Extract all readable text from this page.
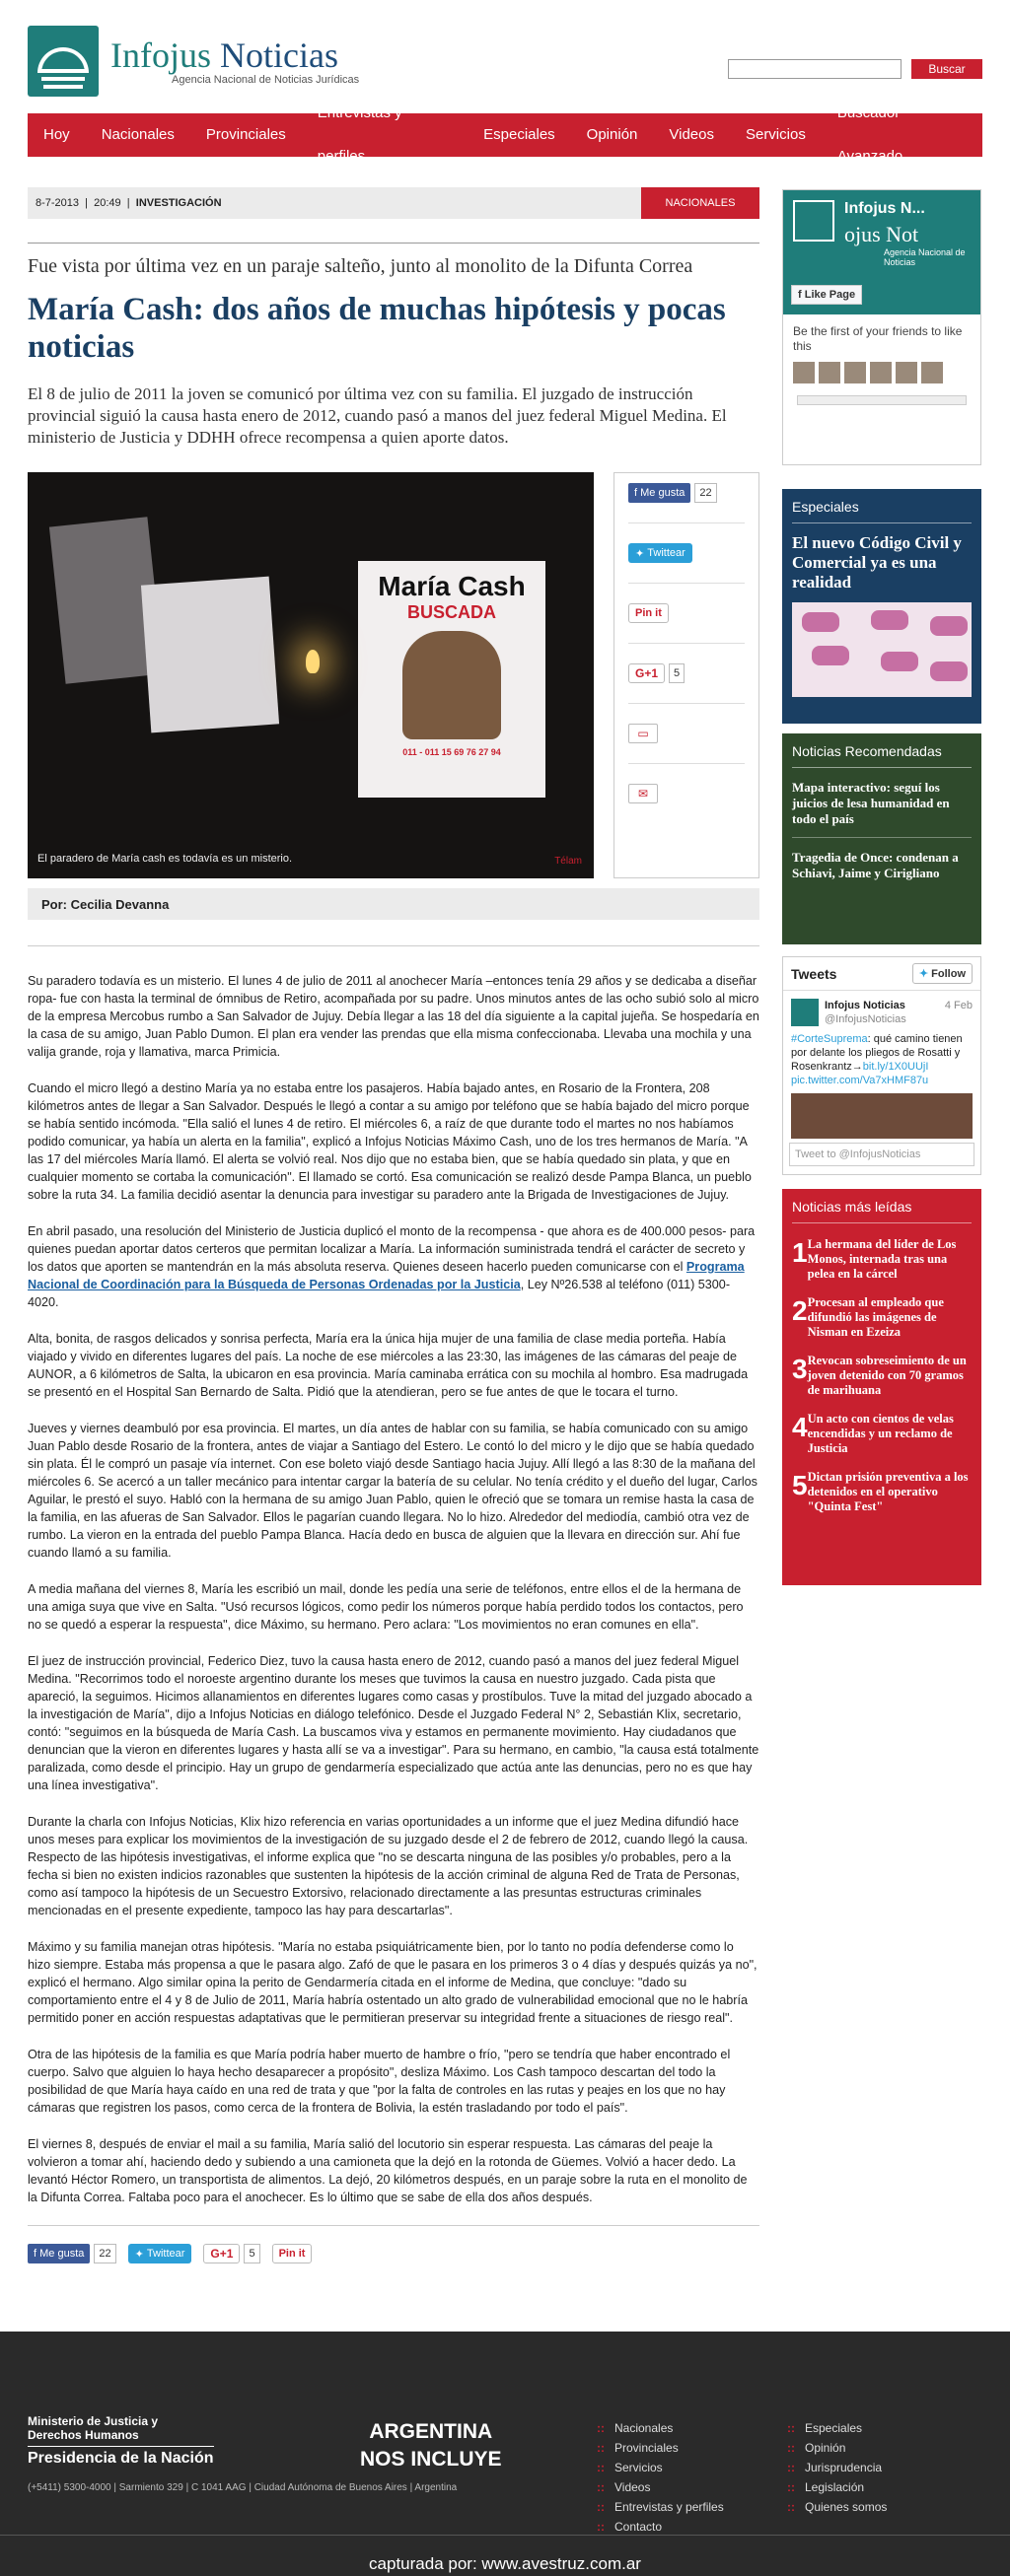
Infojus Noticias
Agencia Nacional de Noticias Jurídicas
Buscar
Hoy	Nacionales	Provinciales
Entrevistas y perfiles
Especiales	Opinión	Videos	Servicios
Buscador Avanzado
8-7-2013 | 20:49 | INVESTIGACIÓN	NACIONALES
Fue vista por última vez en un paraje salteño, junto al monolito de la Difunta Correa
María Cash: dos años de muchas hipótesis y pocas noticias

El 8 de julio de 2011 la joven se comunicó por última vez con su familia. El juzgado de instrucción provincial siguió la causa hasta enero de 2012, cuando pasó a manos del juez federal Miguel Medina. El ministerio de Justicia y DDHH ofrece recompensa a quien aporte datos.

María Cash
BUSCADA
011 - 011 15 69 76 27 94
El paradero de María cash es todavía es un misterio.	Télam
f Me gusta	22
✦ Twittear
Pin it
G+1	5
▭
✉
Por: Cecilia Devanna

Su paradero todavía es un misterio. El lunes 4 de julio de 2011 al anochecer María –entonces tenía 29 años y se dedicaba a diseñar ropa- fue con hasta la terminal de ómnibus de Retiro, acompañada por su padre. Unos minutos antes de las ocho subió solo al micro de la empresa Mercobus rumbo a San Salvador de Jujuy. Debía llegar a las 18 del día siguiente a la capital jujeña. Se hospedaría en la casa de su amigo, Juan Pablo Dumon. El plan era vender las prendas que ella misma confeccionaba. Llevaba una mochila y una valija grande, roja y llamativa, marca Primicia.

Cuando el micro llegó a destino María ya no estaba entre los pasajeros. Había bajado antes, en Rosario de la Frontera, 208 kilómetros antes de llegar a San Salvador. Después le llegó a contar a su amigo por teléfono que se había bajado del micro porque se había sentido incómoda. "Ella salió el lunes 4 de retiro. El miércoles 6, a raíz de que durante todo el martes no nos habíamos podido comunicar, ya había un alerta en la familia", explicó a Infojus Noticias Máximo Cash, uno de los tres hermanos de María. "A las 17 del miércoles María llamó. El alerta se volvió real. Nos dijo que no estaba bien, que se había quedado sin plata, y que en cualquier momento se cortaba la comunicación". El llamado se cortó. Esa comunicación se realizó desde Pampa Blanca, un pueblo sobre la ruta 34. La familia decidió asentar la denuncia para investigar su paradero ante la Brigada de Investigaciones de Jujuy.

En abril pasado, una resolución del Ministerio de Justicia duplicó el monto de la recompensa - que ahora es de 400.000 pesos- para quienes puedan aportar datos certeros que permitan localizar a María. La información suministrada tendrá el carácter de secreto y los datos que aporten se mantendrán en la más absoluta reserva. Quienes deseen hacerlo pueden comunicarse con el Programa Nacional de Coordinación para la Búsqueda de Personas Ordenadas por la Justicia, Ley Nº26.538 al teléfono (011) 5300-4020.

Alta, bonita, de rasgos delicados y sonrisa perfecta, María era la única hija mujer de una familia de clase media porteña. Había viajado y vivido en diferentes lugares del país. La noche de ese miércoles a las 23:30, las imágenes de las cámaras del peaje de AUNOR, a 6 kilómetros de Salta, la ubicaron en esa provincia. María caminaba errática con su mochila al hombro. Esa madrugada se presentó en el Hospital San Bernardo de Salta. Pidió que la atendieran, pero se fue antes de que le tocara el turno.

Jueves y viernes deambuló por esa provincia. El martes, un día antes de hablar con su familia, se había comunicado con su amigo Juan Pablo desde Rosario de la frontera, antes de viajar a Santiago del Estero. Le contó lo del micro y le dijo que se había quedado sin plata. Él le compró un pasaje vía internet. Con ese boleto viajó desde Santiago hacia Jujuy. Allí llegó a las 8:30 de la mañana del miércoles 6. Se acercó a un taller mecánico para intentar cargar la batería de su celular. No tenía crédito y el dueño del lugar, Carlos Aguilar, le prestó el suyo. Habló con la hermana de su amigo Juan Pablo, quien le ofreció que se tomara un remise hasta la casa de la familia, en las afueras de San Salvador. Ellos le pagarían cuando llegara. No lo hizo. Alrededor del mediodía, cambió otra vez de rumbo. La vieron en la entrada del pueblo Pampa Blanca. Hacía dedo en busca de alguien que la llevara en dirección sur. Ahí fue cuando llamó a su familia.

A media mañana del viernes 8, María les escribió un mail, donde les pedía una serie de teléfonos, entre ellos el de la hermana de una amiga suya que vive en Salta. "Usó recursos lógicos, como pedir los números porque había perdido todos los contactos, pero no se quedó a esperar la respuesta", dice Máximo, su hermano. Pero aclara: "Los movimientos no eran comunes en ella".

El juez de instrucción provincial, Federico Diez, tuvo la causa hasta enero de 2012, cuando pasó a manos del juez federal Miguel Medina. "Recorrimos todo el noroeste argentino durante los meses que tuvimos la causa en nuestro juzgado. Cada pista que apareció, la seguimos. Hicimos allanamientos en diferentes lugares como casas y prostíbulos. Tuve la mitad del juzgado abocado a la investigación de María", dijo a Infojus Noticias en diálogo telefónico. Desde el Juzgado Federal N° 2, Sebastián Klix, secretario, contó: "seguimos en la búsqueda de María Cash. La buscamos viva y estamos en permanente movimiento. Hay ciudadanos que denuncian que la vieron en diferentes lugares y hasta allí se va a investigar". Para su hermano, en cambio, "la causa está totalmente paralizada, como desde el principio. Hay un grupo de gendarmería especializado que actúa ante las denuncias, pero no es que hay una línea investigativa".

Durante la charla con Infojus Noticias, Klix hizo referencia en varias oportunidades a un informe que el juez Medina difundió hace unos meses para explicar los movimientos de la investigación de su juzgado desde el 2 de febrero de 2012, cuando llegó la causa. Respecto de las hipótesis investigativas, el informe explica que "no se descarta ninguna de las posibles y/o probables, pero a la fecha si bien no existen indicios razonables que sustenten la hipótesis de la acción criminal de alguna Red de Trata de Personas, como así tampoco la hipótesis de un Secuestro Extorsivo, relacionado directamente a las presuntas estructuras criminales mencionadas en el presente expediente, tampoco las hay para descartarlas".

Máximo y su familia manejan otras hipótesis. "María no estaba psiquiátricamente bien, por lo tanto no podía defenderse como lo hizo siempre. Estaba más propensa a que le pasara algo. Zafó de que le pasara en los primeros 3 o 4 días y después quizás ya no", explicó el hermano. Algo similar opina la perito de Gendarmería citada en el informe de Medina, que concluye: "dado su comportamiento entre el 4 y 8 de Julio de 2011, María habría ostentado un alto grado de vulnerabilidad emocional que no le habría permitido poner en acción respuestas adaptativas que le permitieran preservar su integridad frente a situaciones de riesgo real".

Otra de las hipótesis de la familia es que María podría haber muerto de hambre o frío, "pero se tendría que haber encontrado el cuerpo. Salvo que alguien lo haya hecho desaparecer a propósito", desliza Máximo. Los Cash tampoco descartan del todo la posibilidad de que María haya caído en una red de trata y que "por la falta de controles en las rutas y peajes en los que no hay cámaras que registren los pasos, como cerca de la frontera de Bolivia, la estén trasladando por todo el país".

El viernes 8, después de enviar el mail a su familia, María salió del locutorio sin esperar respuesta. Las cámaras del peaje la volvieron a tomar ahí, haciendo dedo y subiendo a una camioneta que la dejó en la rotonda de Güemes. Volvió a hacer dedo. La levantó Héctor Romero, un transportista de alimentos. La dejó, 20 kilómetros después, en un paraje sobre la ruta en el monolito de la Difunta Correa. Faltaba poco para el anochecer. Es lo último que se sabe de ella dos años después.

f Me gusta	22	✦ Twittear	G+1	5	Pin it
Infojus N...
ojus Not
Agencia Nacional de Noticias
f Like Page
Be the first of your friends to like this
Especiales
El nuevo Código Civil y Comercial ya es una realidad
Noticias Recomendadas
Mapa interactivo: seguí los juicios de lesa humanidad en todo el país
Tragedia de Once: condenan a Schiavi, Jaime y Cirigliano
Tweets	✦ Follow
4 Feb
Infojus Noticias
@InfojusNoticias
#CorteSuprema: qué camino tienen por delante los pliegos de Rosatti y Rosenkrantz→bit.ly/1X0UUjI pic.twitter.com/Va7xHMF87u
Tweet to @InfojusNoticias
Noticias más leídas
1 La hermana del líder de Los Monos, internada tras una pelea en la cárcel
2 Procesan al empleado que difundió las imágenes de Nisman en Ezeiza
3 Revocan sobreseimiento de un joven detenido con 70 gramos de marihuana
4 Un acto con cientos de velas encendidas y un reclamo de Justicia
5 Dictan prisión preventiva a los detenidos en el operativo "Quinta Fest"
Ministerio de Justicia y Derechos Humanos
Presidencia de la Nación
(+5411) 5300-4000 | Sarmiento 329 | C 1041 AAG | Ciudad Autónoma de Buenos Aires | Argentina
ARGENTINA
NOS INCLUYE
:: Nacionales
:: Provinciales
:: Servicios
:: Videos
:: Entrevistas y perfiles
:: Contacto
:: Especiales
:: Opinión
:: Jurisprudencia
:: Legislación
:: Quienes somos
capturada por: www.avestruz.com.ar
